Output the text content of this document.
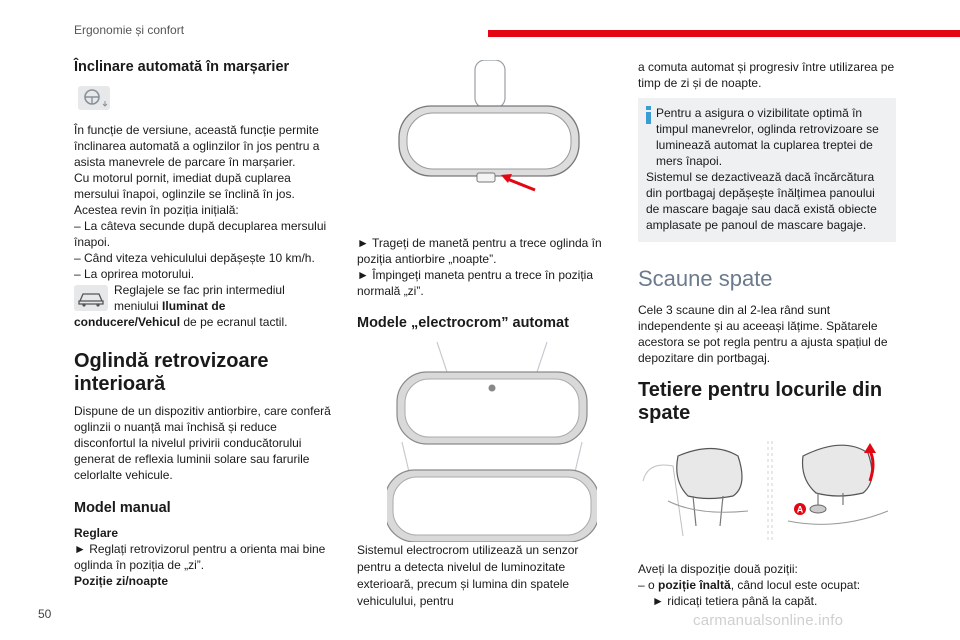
Ergonomie și confort

Înclinare automată în marșarier

În funcție de versiune, această funcție permite înclinarea automată a oglinzilor în jos pentru a asista manevrele de parcare în marșarier.

Cu motorul pornit, imediat după cuplarea mersului înapoi, oglinzile se înclină în jos.

Acestea revin în poziția inițială:

– La câteva secunde după decuplarea mersului înapoi.

– Când viteza vehiculului depășește 10 km/h.

– La oprirea motorului.

Reglajele se fac prin intermediul meniului Iluminat de conducere/Vehicul de pe ecranul tactil.

Oglindă retrovizoare interioară

Dispune de un dispozitiv antiorbire, care conferă oglinzii o nuanță mai închisă și reduce disconfortul la nivelul privirii conducătorului generat de reflexia luminii solare sau farurile celorlalte vehicule.

Model manual

Reglare

► Reglați retrovizorul pentru a orienta mai bine oglinda în poziția de „zi”.

Poziție zi/noapte

► Trageți de manetă pentru a trece oglinda în poziția antiorbire „noapte”.

► Împingeți maneta pentru a trece în poziția normală „zi”.

Modele „electrocrom” automat

Sistemul electrocrom utilizează un senzor pentru a detecta nivelul de luminozitate exterioară, precum și lumina din spatele vehiculului, pentru

a comuta automat și progresiv între utilizarea pe timp de zi și de noapte.

Pentru a asigura o vizibilitate optimă în timpul manevrelor, oglinda retrovizoare se luminează automat la cuplarea treptei de mers înapoi.

Sistemul se dezactivează dacă încărcătura din portbagaj depășește înălțimea panoului de mascare bagaje sau dacă există obiecte amplasate pe panoul de mascare bagaje.

Scaune spate

Cele 3 scaune din al 2-lea rând sunt independente și au aceeași lățime. Spătarele acestora se pot regla pentru a ajusta spațiul de depozitare din portbagaj.

Tetiere pentru locurile din spate

A

Aveți la dispoziție două poziții:

– o poziție înaltă, când locul este ocupat:

► ridicați tetiera până la capăt.

50	carmanualsonline.info
